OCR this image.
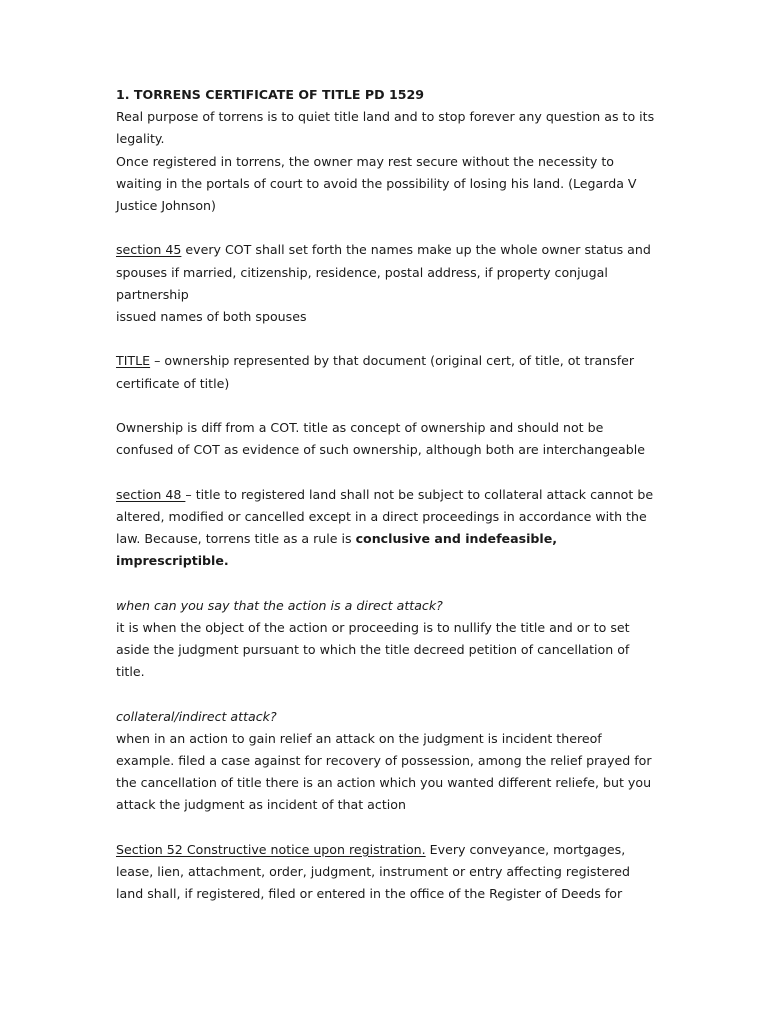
1. TORRENS CERTIFICATE OF TITLE PD 1529

Real purpose of torrens is to quiet title land and to stop forever any question as to its legality.

Once registered in torrens, the owner may rest secure without the necessity to waiting in the portals of court to avoid the possibility of losing his land. (Legarda V Justice Johnson)

section 45 every COT shall set forth the names make up the whole owner status and spouses if married, citizenship, residence, postal address, if property conjugal partnership

issued names of both spouses

TITLE – ownership represented by that document (original cert, of title, ot transfer certificate of title)

Ownership is diff from a COT. title as concept of ownership and should not be confused of COT as evidence of such ownership, although both are interchangeable

section 48 – title to registered land shall not be subject to collateral attack cannot be altered, modified or cancelled except in a direct proceedings in accordance with the law. Because, torrens title as a rule is conclusive and indefeasible, imprescriptible.

when can you say that the action is a direct attack?

it is when the object of the action or proceeding is to nullify the title and or to set aside the judgment pursuant to which the title decreed petition of cancellation of title.

collateral/indirect attack?

when in an action to gain relief an attack on the judgment is incident thereof example. filed a case against for recovery of possession, among the relief prayed for the cancellation of title there is an action which you wanted different reliefe, but you attack the judgment as incident of that action

Section 52 Constructive notice upon registration. Every conveyance, mortgages, lease, lien, attachment, order, judgment, instrument or entry affecting registered land shall, if registered, filed or entered in the office of the Register of Deeds for
